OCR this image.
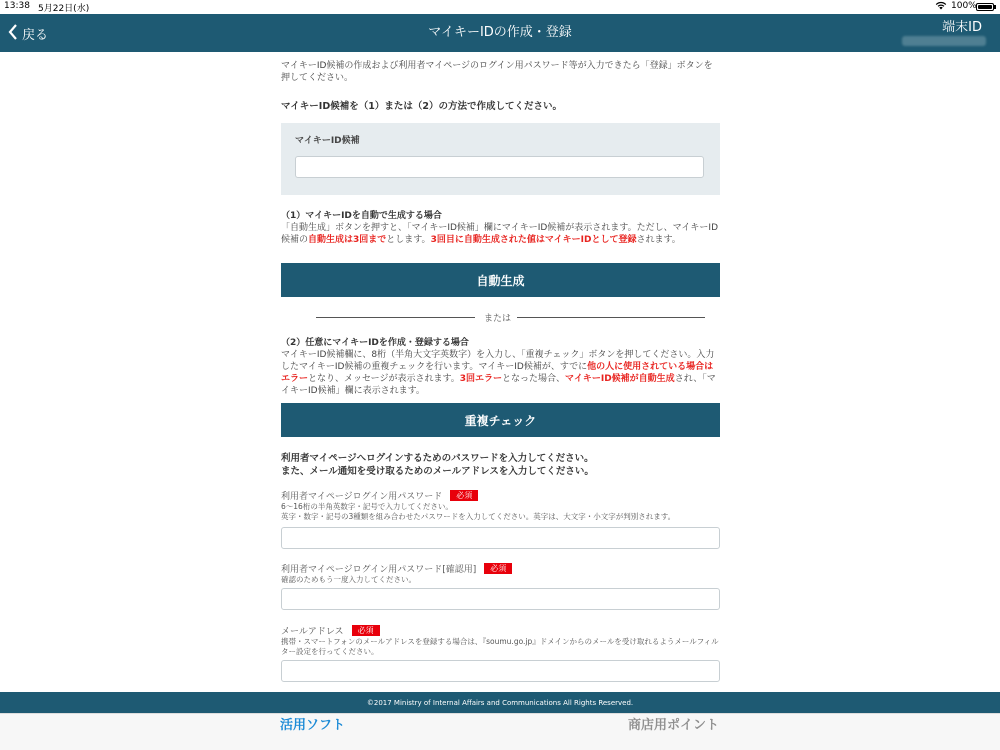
13:38 5月22日(水)	100%
戻る	マイキーIDの作成・登録	端末ID
マイキーID候補の作成および利用者マイページのログイン用パスワード等が入力できたら「登録」ボタンを押してください。
マイキーID候補を（1）または（2）の方法で作成してください。
マイキーID候補
（1）マイキーIDを自動で生成する場合
「自動生成」ボタンを押すと、「マイキーID候補」欄にマイキーID候補が表示されます。ただし、マイキーID候補の自動生成は3回までとします。3回目に自動生成された値はマイキーIDとして登録されます。
自動生成
または
（2）任意にマイキーIDを作成・登録する場合
マイキーID候補欄に、8桁（半角大文字英数字）を入力し、「重複チェック」ボタンを押してください。入力したマイキーID候補の重複チェックを行います。マイキーID候補が、すでに他の人に使用されている場合はエラーとなり、メッセージが表示されます。3回エラーとなった場合、マイキーID候補が自動生成され、「マイキーID候補」欄に表示されます。
重複チェック
利用者マイページへログインするためのパスワードを入力してください。
また、メール通知を受け取るためのメールアドレスを入力してください。
利用者マイページログイン用パスワード 必須
6～16桁の半角英数字・記号で入力してください。
英字・数字・記号の3種類を組み合わせたパスワードを入力してください。英字は、大文字・小文字が判別されます。
利用者マイページログイン用パスワード[確認用] 必須
確認のためもう一度入力してください。
メールアドレス 必須
携帯・スマートフォンのメールアドレスを登録する場合は、『soumu.go.jp』ドメインからのメールを受け取れるようメールフィルター設定を行ってください。
©2017 Ministry of Internal Affairs and Communications All Rights Reserved.
活用ソフト	商店用ポイント
